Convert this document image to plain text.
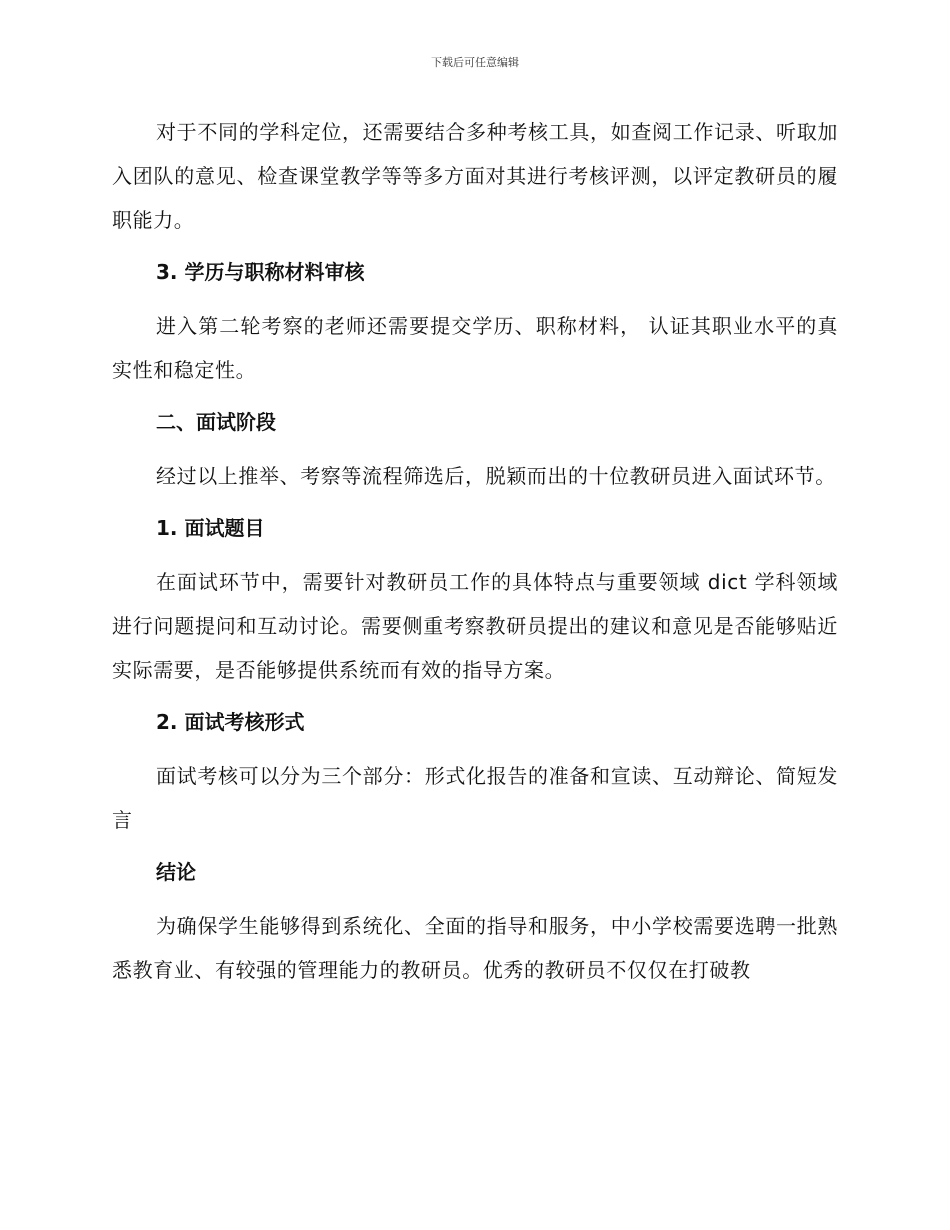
下载后可任意编辑

对于不同的学科定位，还需要结合多种考核工具，如查阅工作记录、听取加入团队的意见、检查课堂教学等等多方面对其进行考核评测，以评定教研员的履职能力。

3. 学历与职称材料审核

进入第二轮考察的老师还需要提交学历、职称材料， 认证其职业水平的真实性和稳定性。

二、面试阶段

经过以上推举、考察等流程筛选后，脱颖而出的十位教研员进入面试环节。

1. 面试题目

在面试环节中，需要针对教研员工作的具体特点与重要领域 dict 学科领域进行问题提问和互动讨论。需要侧重考察教研员提出的建议和意见是否能够贴近实际需要，是否能够提供系统而有效的指导方案。

2. 面试考核形式

面试考核可以分为三个部分：形式化报告的准备和宣读、互动辩论、简短发言

结论

为确保学生能够得到系统化、全面的指导和服务，中小学校需要选聘一批熟悉教育业、有较强的管理能力的教研员。优秀的教研员不仅仅在打破教
